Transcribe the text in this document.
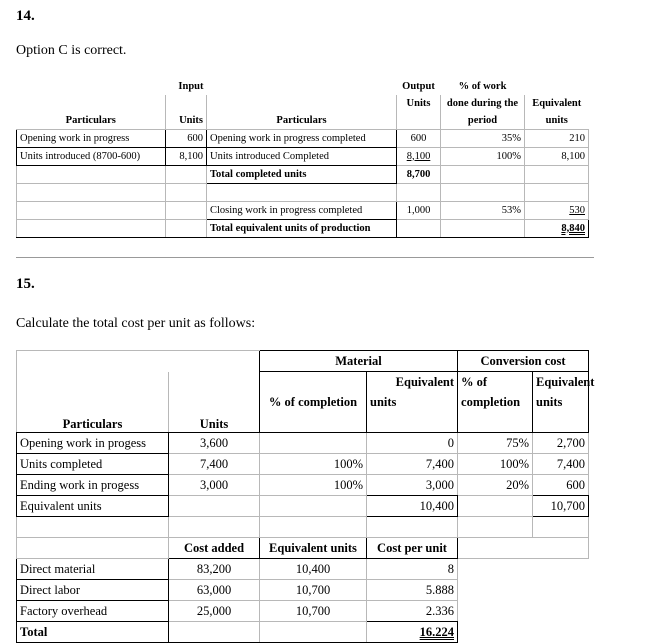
14.
Option C is correct.
	Input		Output	% of work	
			Units	done during the	Equivalent
Particulars	Units	Particulars		period	units
Opening work in progress	600	Opening work in progress completed	600	35%	210
Units introduced (8700-600)	8,100	Units introduced Completed	8,100	100%	8,100
		Total completed units	8,700		

		Closing work in progress completed	1,000	53%	530
		Total equivalent units of production			8,840
15.
Calculate the total cost per unit as follows:
		Material		Conversion cost	
			Equivalent	% of	Equivalent
		% of completion	units	completion	units
Particulars	Units				
Opening work in progess	3,600		0	75%	2,700
Units completed	7,400	100%	7,400	100%	7,400
Ending work in progess	3,000	100%	3,000	20%	600
Equivalent units			10,400		10,700

	Cost added	Equivalent units	Cost per unit		
Direct material	83,200	10,400	8		
Direct labor	63,000	10,700	5.888		
Factory overhead	25,000	10,700	2.336		
Total			16.224		
